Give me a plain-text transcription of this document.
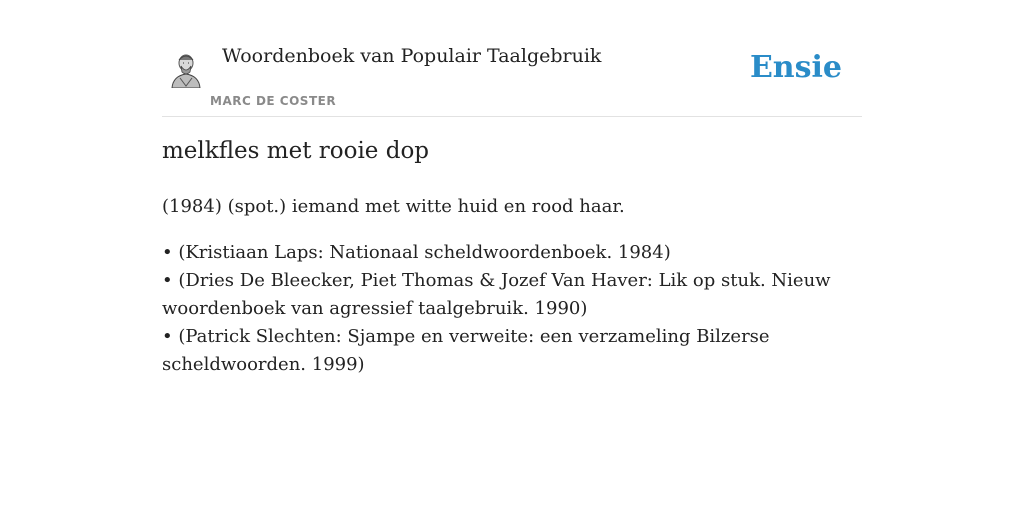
Woordenboek van Populair Taalgebruik
MARC DE COSTER
Ensie
melkfles met rooie dop

(1984) (spot.) iemand met witte huid en rood haar.

• (Kristiaan Laps: Nationaal scheldwoordenboek. 1984)
• (Dries De Bleecker, Piet Thomas & Jozef Van Haver: Lik op stuk. Nieuw woordenboek van agressief taalgebruik. 1990)
• (Patrick Slechten: Sjampe en verweite: een verzameling Bilzerse scheldwoorden. 1999)
